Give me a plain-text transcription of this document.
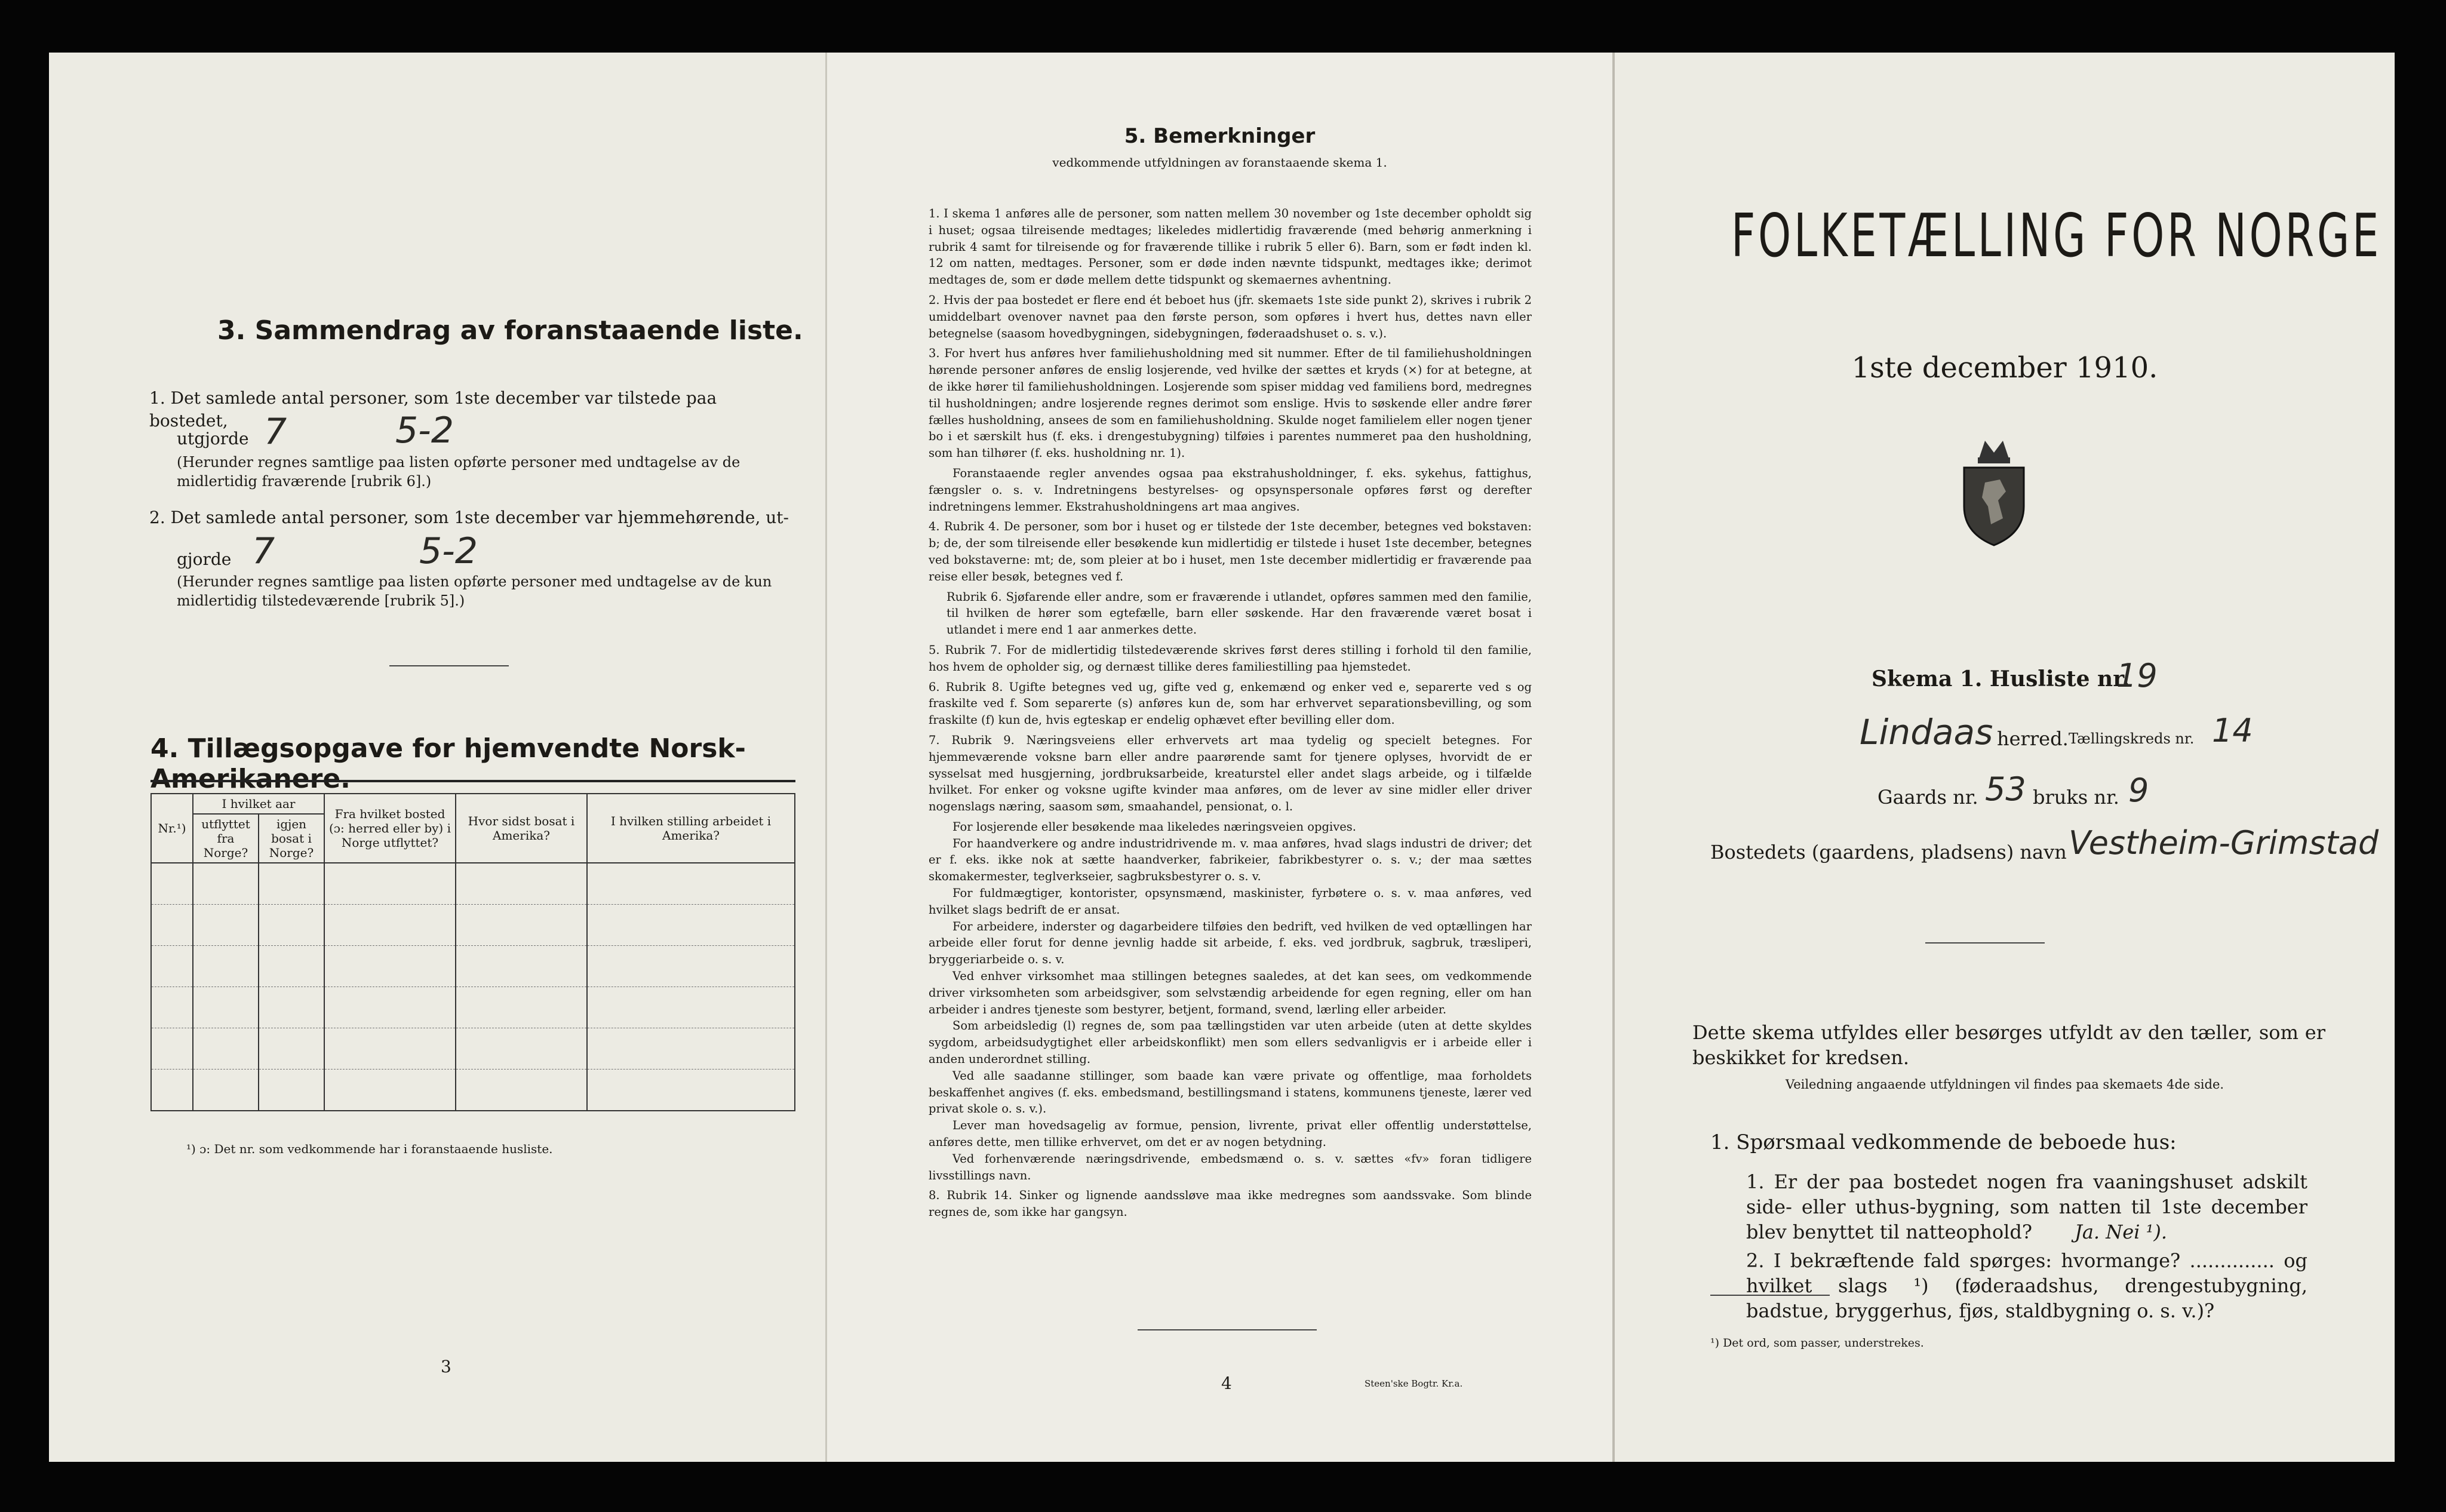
3. Sammendrag av foranstaaende liste.
1. Det samlede antal personer, som 1ste december var tilstede paa bostedet,
utgjorde 7	5-2
(Herunder regnes samtlige paa listen opførte personer med undtagelse av de midlertidig fraværende [rubrik 6].)
2. Det samlede antal personer, som 1ste december var hjemmehørende, ut-
gjorde 7	5-2
(Herunder regnes samtlige paa listen opførte personer med undtagelse av de kun midlertidig tilstedeværende [rubrik 5].)
4. Tillægsopgave for hjemvendte Norsk-Amerikanere.
Nr.¹)	I hvilket aar		Fra hvilket bosted (ɔ: herred eller by) i Norge utflyttet?	Hvor sidst bosat i Amerika?	I hvilken stilling arbeidet i Amerika?
	utflyttet fra Norge?	igjen bosat i Norge?			

¹) ɔ: Det nr. som vedkommende har i foranstaaende husliste.
3
5. Bemerkninger
vedkommende utfyldningen av foranstaaende skema 1.

1. I skema 1 anføres alle de personer, som natten mellem 30 november og 1ste december opholdt sig i huset; ogsaa tilreisende medtages; likeledes midlertidig fraværende (med behørig anmerkning i rubrik 4 samt for tilreisende og for fraværende tillike i rubrik 5 eller 6). Barn, som er født inden kl. 12 om natten, medtages. Personer, som er døde inden nævnte tidspunkt, medtages ikke; derimot medtages de, som er døde mellem dette tidspunkt og skemaernes avhentning.

2. Hvis der paa bostedet er flere end ét beboet hus (jfr. skemaets 1ste side punkt 2), skrives i rubrik 2 umiddelbart ovenover navnet paa den første person, som opføres i hvert hus, dettes navn eller betegnelse (saasom hovedbygningen, sidebygningen, føderaadshuset o. s. v.).

3. For hvert hus anføres hver familiehusholdning med sit nummer. Efter de til familiehusholdningen hørende personer anføres de enslig losjerende, ved hvilke der sættes et kryds (×) for at betegne, at de ikke hører til familiehusholdningen. Losjerende som spiser middag ved familiens bord, medregnes til husholdningen; andre losjerende regnes derimot som enslige. Hvis to søskende eller andre fører fælles husholdning, ansees de som en familiehusholdning. Skulde noget familielem eller nogen tjener bo i et særskilt hus (f. eks. i drengestubygning) tilføies i parentes nummeret paa den husholdning, som han tilhører (f. eks. husholdning nr. 1).

Foranstaaende regler anvendes ogsaa paa ekstrahusholdninger, f. eks. sykehus, fattighus, fængsler o. s. v. Indretningens bestyrelses- og opsynspersonale opføres først og derefter indretningens lemmer. Ekstrahusholdningens art maa angives.

4. Rubrik 4. De personer, som bor i huset og er tilstede der 1ste december, betegnes ved bokstaven: b; de, der som tilreisende eller besøkende kun midlertidig er tilstede i huset 1ste december, betegnes ved bokstaverne: mt; de, som pleier at bo i huset, men 1ste december midlertidig er fraværende paa reise eller besøk, betegnes ved f.

Rubrik 6. Sjøfarende eller andre, som er fraværende i utlandet, opføres sammen med den familie, til hvilken de hører som egtefælle, barn eller søskende. Har den fraværende været bosat i utlandet i mere end 1 aar anmerkes dette.

5. Rubrik 7. For de midlertidig tilstedeværende skrives først deres stilling i forhold til den familie, hos hvem de opholder sig, og dernæst tillike deres familiestilling paa hjemstedet.

6. Rubrik 8. Ugifte betegnes ved ug, gifte ved g, enkemænd og enker ved e, separerte ved s og fraskilte ved f. Som separerte (s) anføres kun de, som har erhvervet separationsbevilling, og som fraskilte (f) kun de, hvis egteskap er endelig ophævet efter bevilling eller dom.

7. Rubrik 9. Næringsveiens eller erhvervets art maa tydelig og specielt betegnes. For hjemmeværende voksne barn eller andre paarørende samt for tjenere oplyses, hvorvidt de er sysselsat med husgjerning, jordbruksarbeide, kreaturstel eller andet slags arbeide, og i tilfælde hvilket. For enker og voksne ugifte kvinder maa anføres, om de lever av sine midler eller driver nogenslags næring, saasom søm, smaahandel, pensionat, o. l.

For losjerende eller besøkende maa likeledes næringsveien opgives.

For haandverkere og andre industridrivende m. v. maa anføres, hvad slags industri de driver; det er f. eks. ikke nok at sætte haandverker, fabrikeier, fabrikbestyrer o. s. v.; der maa sættes skomakermester, teglverkseier, sagbruksbestyrer o. s. v.

For fuldmægtiger, kontorister, opsynsmænd, maskinister, fyrbøtere o. s. v. maa anføres, ved hvilket slags bedrift de er ansat.

For arbeidere, inderster og dagarbeidere tilføies den bedrift, ved hvilken de ved optællingen har arbeide eller forut for denne jevnlig hadde sit arbeide, f. eks. ved jordbruk, sagbruk, træsliperi, bryggeriarbeide o. s. v.

Ved enhver virksomhet maa stillingen betegnes saaledes, at det kan sees, om vedkommende driver virksomheten som arbeidsgiver, som selvstændig arbeidende for egen regning, eller om han arbeider i andres tjeneste som bestyrer, betjent, formand, svend, lærling eller arbeider.

Som arbeidsledig (l) regnes de, som paa tællingstiden var uten arbeide (uten at dette skyldes sygdom, arbeidsudygtighet eller arbeidskonflikt) men som ellers sedvanligvis er i arbeide eller i anden underordnet stilling.

Ved alle saadanne stillinger, som baade kan være private og offentlige, maa forholdets beskaffenhet angives (f. eks. embedsmand, bestillingsmand i statens, kommunens tjeneste, lærer ved privat skole o. s. v.).

Lever man hovedsagelig av formue, pension, livrente, privat eller offentlig understøttelse, anføres dette, men tillike erhvervet, om det er av nogen betydning.

Ved forhenværende næringsdrivende, embedsmænd o. s. v. sættes «fv» foran tidligere livsstillings navn.

8. Rubrik 14. Sinker og lignende aandssløve maa ikke medregnes som aandssvake. Som blinde regnes de, som ikke har gangsyn.

4	Steen'ske Bogtr. Kr.a.
FOLKETÆLLING FOR NORGE
1ste december 1910.
Skema 1. Husliste nr.
19
Lindaas herred. Tællingskreds nr. 14
Gaards nr. 53 bruks nr. 9
Bostedets (gaardens, pladsens) navn Vestheim-Grimstad
Dette skema utfyldes eller besørges utfyldt av den tæller, som er beskikket for kredsen.
Veiledning angaaende utfyldningen vil findes paa skemaets 4de side.
1. Spørsmaal vedkommende de beboede hus:
1. Er der paa bostedet nogen fra vaaningshuset adskilt side- eller uthus-bygning, som natten til 1ste december blev benyttet til natteophold?	Ja. Nei ¹).
2. I bekræftende fald spørges: hvormange? .............. og hvilket slags ¹) (føderaadshus, drengestubygning, badstue, bryggerhus, fjøs, staldbygning o. s. v.)?
¹) Det ord, som passer, understrekes.
